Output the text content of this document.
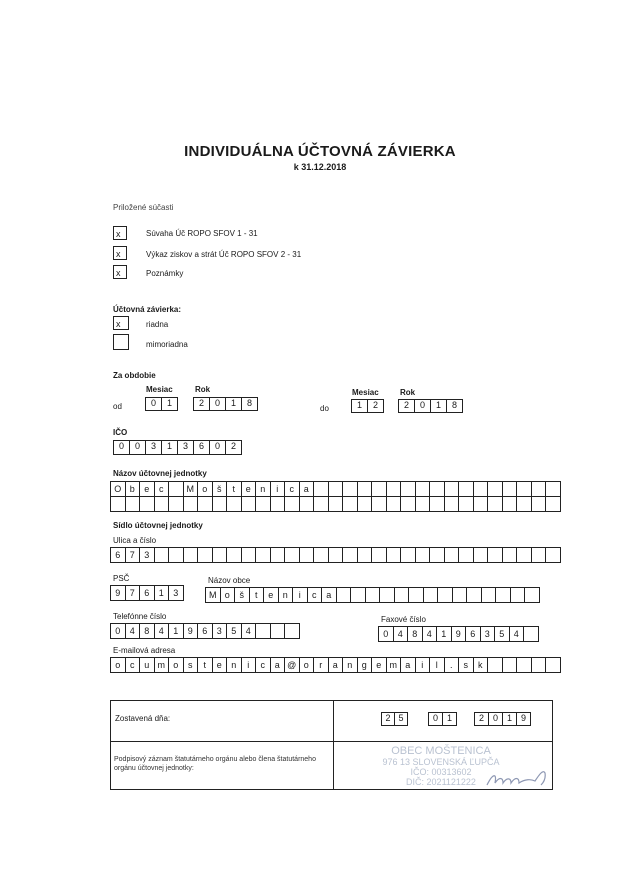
INDIVIDUÁLNA ÚČTOVNÁ ZÁVIERKA
k 31.12.2018
Priložené súčasti
x	Súvaha Úč ROPO SFOV 1 - 31
x	Výkaz ziskov a strát Úč ROPO SFOV 2 - 31
x	Poznámky
Účtovná závierka:
x	riadna
mimoriadna
Za obdobie
Mesiac	Rok
od	0	1	2	0	1	8
Mesiac	Rok
do	1	2	2	0	1	8
IČO
0	0	3	1	3	6	0	2
Názov účtovnej jednotky
O	b	e	c		M	o	š	t	e	n	i	c	a																	

Sídlo účtovnej jednotky
Ulica a číslo
6	7	3																												
PSČ
9	7	6	1	3
Názov obce
M	o	š	t	e	n	i	c	a														
Telefónne číslo
0	4	8	4	1	9	6	3	5	4			
Faxové číslo
0	4	8	4	1	9	6	3	5	4	
E-mailová adresa
o	c	u	m	o	s	t	e	n	i	c	a	@	o	r	a	n	g	e	m	a	i	l	.	s	k					
Zostavená dňa:	2 5	0 1	2 0 1 9
Podpisový záznam štatutárneho orgánu alebo člena štatutárneho
orgánu účtovnej jednotky:
OBEC MOŠTENICA
976 13 SLOVENSKÁ ĽUPČA
IČO: 00313602
DIČ: 2021121222
